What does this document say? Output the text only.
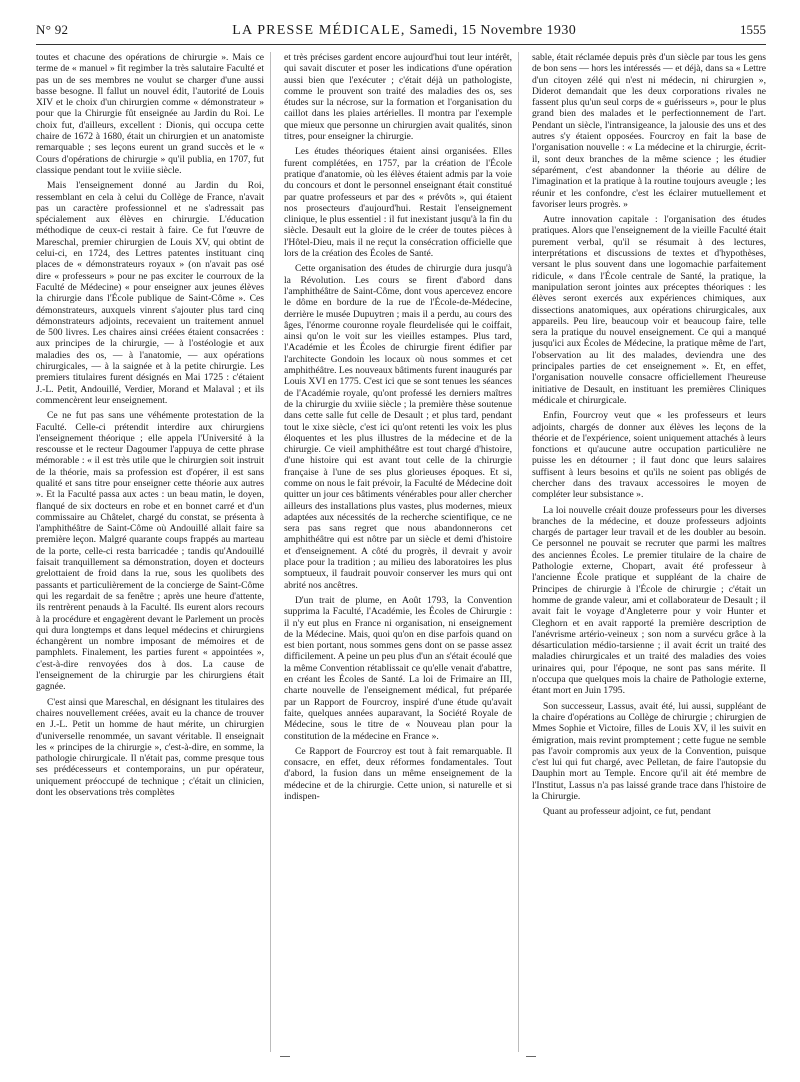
N° 92	LA PRESSE MÉDICALE, Samedi, 15 Novembre 1930	1555

toutes et chacune des opérations de chirurgie ». Mais ce terme de « manuel » fit regimber la très salutaire Faculté et pas un de ses membres ne voulut se charger d'une aussi basse besogne. Il fallut un nouvel édit, l'autorité de Louis XIV et le choix d'un chirurgien comme « démonstrateur » pour que la Chirurgie fût enseignée au Jardin du Roi. Le choix fut, d'ailleurs, excellent : Dionis, qui occupa cette chaire de 1672 à 1680, était un chirurgien et un anatomiste remarquable ; ses leçons eurent un grand succès et le « Cours d'opérations de chirurgie » qu'il publia, en 1707, fut classique pendant tout le xviiie siècle.

Mais l'enseignement donné au Jardin du Roi, ressemblant en cela à celui du Collège de France, n'avait pas un caractère professionnel et ne s'adressait pas spécialement aux élèves en chirurgie. L'éducation méthodique de ceux-ci restait à faire. Ce fut l'œuvre de Mareschal, premier chirurgien de Louis XV, qui obtint de celui-ci, en 1724, des Lettres patentes instituant cinq places de « démonstrateurs royaux » (on n'avait pas osé dire « professeurs » pour ne pas exciter le courroux de la Faculté de Médecine) « pour enseigner aux jeunes élèves la chirurgie dans l'École publique de Saint-Côme ». Ces démonstrateurs, auxquels vinrent s'ajouter plus tard cinq démonstrateurs adjoints, recevaient un traitement annuel de 500 livres. Les chaires ainsi créées étaient consacrées : aux principes de la chirurgie, — à l'ostéologie et aux maladies des os, — à l'anatomie, — aux opérations chirurgicales, — à la saignée et à la petite chirurgie. Les premiers titulaires furent désignés en Mai 1725 : c'étaient J.-L. Petit, Andouillé, Verdier, Morand et Malaval ; et ils commencèrent leur enseignement.

Ce ne fut pas sans une véhémente protestation de la Faculté. Celle-ci prétendit interdire aux chirurgiens l'enseignement théorique ; elle appela l'Université à la rescousse et le recteur Dagoumer l'appuya de cette phrase mémorable : « il est très utile que le chirurgien soit instruit de la théorie, mais sa profession est d'opérer, il est sans qualité et sans titre pour enseigner cette théorie aux autres ». Et la Faculté passa aux actes : un beau matin, le doyen, flanqué de six docteurs en robe et en bonnet carré et d'un commissaire au Châtelet, chargé du constat, se présenta à l'amphithéâtre de Saint-Côme où Andouillé allait faire sa première leçon. Malgré quarante coups frappés au marteau de la porte, celle-ci resta barricadée ; tandis qu'Andouillé faisait tranquillement sa démonstration, doyen et docteurs grelottaient de froid dans la rue, sous les quolibets des passants et particulièrement de la concierge de Saint-Côme qui les regardait de sa fenêtre ; après une heure d'attente, ils rentrèrent penauds à la Faculté. Ils eurent alors recours à la procédure et engagèrent devant le Parlement un procès qui dura longtemps et dans lequel médecins et chirurgiens échangèrent un nombre imposant de mémoires et de pamphlets. Finalement, les parties furent « appointées », c'est-à-dire renvoyées dos à dos. La cause de l'enseignement de la chirurgie par les chirurgiens était gagnée.

C'est ainsi que Mareschal, en désignant les titulaires des chaires nouvellement créées, avait eu la chance de trouver en J.-L. Petit un homme de haut mérite, un chirurgien d'universelle renommée, un savant véritable. Il enseignait les « principes de la chirurgie », c'est-à-dire, en somme, la pathologie chirurgicale. Il n'était pas, comme presque tous ses prédécesseurs et contemporains, un pur opérateur, uniquement préoccupé de technique ; c'était un clinicien, dont les observations très complètes

et très précises gardent encore aujourd'hui tout leur intérêt, qui savait discuter et poser les indications d'une opération aussi bien que l'exécuter ; c'était déjà un pathologiste, comme le prouvent son traité des maladies des os, ses études sur la nécrose, sur la formation et l'organisation du caillot dans les plaies artérielles. Il montra par l'exemple que mieux que personne un chirurgien avait qualités, sinon titres, pour enseigner la chirurgie.

Les études théoriques étaient ainsi organisées. Elles furent complétées, en 1757, par la création de l'École pratique d'anatomie, où les élèves étaient admis par la voie du concours et dont le personnel enseignant était constitué par quatre professeurs et par des « prévôts », qui étaient nos prosecteurs d'aujourd'hui. Restait l'enseignement clinique, le plus essentiel : il fut inexistant jusqu'à la fin du siècle. Desault eut la gloire de le créer de toutes pièces à l'Hôtel-Dieu, mais il ne reçut la consécration officielle que lors de la création des Écoles de Santé.

Cette organisation des études de chirurgie dura jusqu'à la Révolution. Les cours se firent d'abord dans l'amphithéâtre de Saint-Côme, dont vous apercevez encore le dôme en bordure de la rue de l'École-de-Médecine, derrière le musée Dupuytren ; mais il a perdu, au cours des âges, l'énorme couronne royale fleurdelisée qui le coiffait, ainsi qu'on le voit sur les vieilles estampes. Plus tard, l'Académie et les Écoles de chirurgie firent édifier par l'architecte Gondoin les locaux où nous sommes et cet amphithéâtre. Les nouveaux bâtiments furent inaugurés par Louis XVI en 1775. C'est ici que se sont tenues les séances de l'Académie royale, qu'ont professé les derniers maîtres de la chirurgie du xviiie siècle ; la première thèse soutenue dans cette salle fut celle de Desault ; et plus tard, pendant tout le xixe siècle, c'est ici qu'ont retenti les voix les plus éloquentes et les plus illustres de la médecine et de la chirurgie. Ce vieil amphithéâtre est tout chargé d'histoire, d'une histoire qui est avant tout celle de la chirurgie française à l'une de ses plus glorieuses époques. Et si, comme on nous le fait prévoir, la Faculté de Médecine doit quitter un jour ces bâtiments vénérables pour aller chercher ailleurs des installations plus vastes, plus modernes, mieux adaptées aux nécessités de la recherche scientifique, ce ne sera pas sans regret que nous abandonnerons cet amphithéâtre qui est nôtre par un siècle et demi d'histoire et d'enseignement. A côté du progrès, il devrait y avoir place pour la tradition ; au milieu des laboratoires les plus somptueux, il faudrait pouvoir conserver les murs qui ont abrité nos ancêtres.

D'un trait de plume, en Août 1793, la Convention supprima la Faculté, l'Académie, les Écoles de Chirurgie : il n'y eut plus en France ni organisation, ni enseignement de la Médecine. Mais, quoi qu'on en dise parfois quand on est bien portant, nous sommes gens dont on se passe assez difficilement. A peine un peu plus d'un an s'était écoulé que la même Convention rétablissait ce qu'elle venait d'abattre, en créant les Écoles de Santé. La loi de Frimaire an III, charte nouvelle de l'enseignement médical, fut préparée par un Rapport de Fourcroy, inspiré d'une étude qu'avait faite, quelques années auparavant, la Société Royale de Médecine, sous le titre de « Nouveau plan pour la constitution de la médecine en France ».

Ce Rapport de Fourcroy est tout à fait remarquable. Il consacre, en effet, deux réformes fondamentales. Tout d'abord, la fusion dans un même enseignement de la médecine et de la chirurgie. Cette union, si naturelle et si indispen-

sable, était réclamée depuis près d'un siècle par tous les gens de bon sens — hors les intéressés — et déjà, dans sa « Lettre d'un citoyen zélé qui n'est ni médecin, ni chirurgien », Diderot demandait que les deux corporations rivales ne fassent plus qu'un seul corps de « guérisseurs », pour le plus grand bien des malades et le perfectionnement de l'art. Pendant un siècle, l'intransigeance, la jalousie des uns et des autres s'y étaient opposées. Fourcroy en fait la base de l'organisation nouvelle : « La médecine et la chirurgie, écrit-il, sont deux branches de la même science ; les étudier séparément, c'est abandonner la théorie au délire de l'imagination et la pratique à la routine toujours aveugle ; les réunir et les confondre, c'est les éclairer mutuellement et favoriser leurs progrès. »

Autre innovation capitale : l'organisation des études pratiques. Alors que l'enseignement de la vieille Faculté était purement verbal, qu'il se résumait à des lectures, interprétations et discussions de textes et d'hypothèses, versant le plus souvent dans une logomachie parfaitement ridicule, « dans l'École centrale de Santé, la pratique, la manipulation seront jointes aux préceptes théoriques : les élèves seront exercés aux expériences chimiques, aux dissections anatomiques, aux opérations chirurgicales, aux appareils. Peu lire, beaucoup voir et beaucoup faire, telle sera la pratique du nouvel enseignement. Ce qui a manqué jusqu'ici aux Écoles de Médecine, la pratique même de l'art, l'observation au lit des malades, deviendra une des principales parties de cet enseignement ». Et, en effet, l'organisation nouvelle consacre officiellement l'heureuse initiative de Desault, en instituant les premières Cliniques médicale et chirurgicale.

Enfin, Fourcroy veut que « les professeurs et leurs adjoints, chargés de donner aux élèves les leçons de la théorie et de l'expérience, soient uniquement attachés à leurs fonctions et qu'aucune autre occupation particulière ne puisse les en détourner ; il faut donc que leurs salaires suffisent à leurs besoins et qu'ils ne soient pas obligés de chercher dans des travaux accessoires le moyen de compléter leur subsistance ».

La loi nouvelle créait douze professeurs pour les diverses branches de la médecine, et douze professeurs adjoints chargés de partager leur travail et de les doubler au besoin. Ce personnel ne pouvait se recruter que parmi les maîtres des anciennes Écoles. Le premier titulaire de la chaire de Pathologie externe, Chopart, avait été professeur à l'ancienne École pratique et suppléant de la chaire de Principes de chirurgie à l'École de chirurgie ; c'était un homme de grande valeur, ami et collaborateur de Desault ; il avait fait le voyage d'Angleterre pour y voir Hunter et Cleghorn et en avait rapporté la première description de l'anévrisme artério-veineux ; son nom a survécu grâce à la désarticulation médio-tarsienne ; il avait écrit un traité des maladies chirurgicales et un traité des maladies des voies urinaires qui, pour l'époque, ne sont pas sans mérite. Il n'occupa que quelques mois la chaire de Pathologie externe, étant mort en Juin 1795.

Son successeur, Lassus, avait été, lui aussi, suppléant de la chaire d'opérations au Collège de chirurgie ; chirurgien de Mmes Sophie et Victoire, filles de Louis XV, il les suivit en émigration, mais revint promptement ; cette fugue ne semble pas l'avoir compromis aux yeux de la Convention, puisque c'est lui qui fut chargé, avec Pelletan, de faire l'autopsie du Dauphin mort au Temple. Encore qu'il ait été membre de l'Institut, Lassus n'a pas laissé grande trace dans l'histoire de la Chirurgie.

Quant au professeur adjoint, ce fut, pendant
